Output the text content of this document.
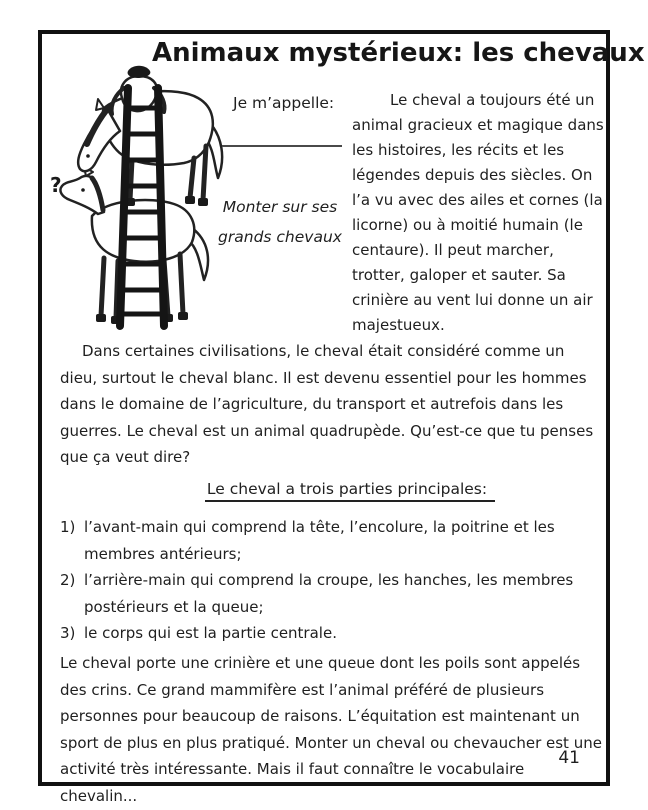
Animaux mystérieux: les chevaux
?
Je m’appelle:
Monter sur ses grands chevaux
Le cheval a toujours été un animal gracieux et magique dans les histoires, les récits et les légendes depuis des siècles. On l’a vu avec des ailes et cornes (la licorne) ou à moitié humain (le centaure). Il peut marcher, trotter, galoper et sauter. Sa crinière au vent lui donne un air majestueux.
Dans certaines civilisations, le cheval était considéré comme un dieu, surtout le cheval blanc. Il est devenu essentiel pour les hommes dans le domaine de l’agriculture, du transport et autrefois dans les guerres. Le cheval est un animal quadrupède. Qu’est-ce que tu penses que ça veut dire?
Le cheval a trois parties principales:
1) l’avant-main qui comprend la tête, l’encolure, la poitrine et les membres antérieurs;
2) l’arrière-main qui comprend la croupe, les hanches, les membres postérieurs et la queue;
3) le corps qui est la partie centrale.
Le cheval porte une crinière et une queue dont les poils sont appelés des crins. Ce grand mammifère est l’animal préféré de plusieurs personnes pour beaucoup de raisons. L’équitation est maintenant un sport de plus en plus pratiqué. Monter un cheval ou chevaucher est une activité très intéressante. Mais il faut connaître le vocabulaire chevalin...
41
